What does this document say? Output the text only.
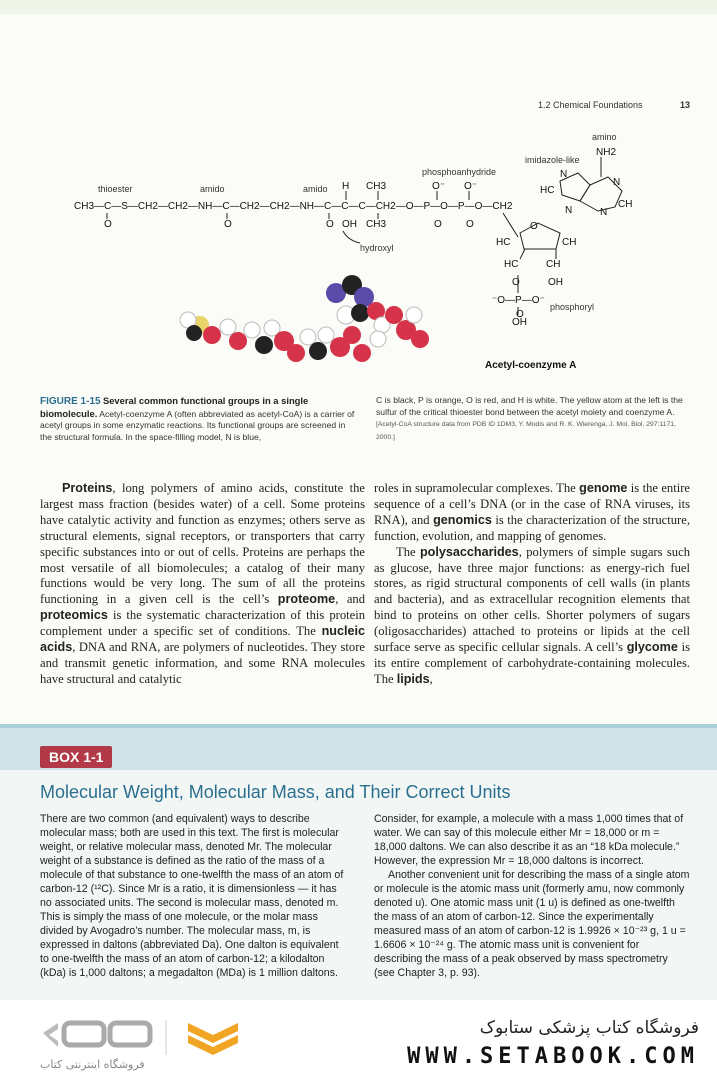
1.2 Chemical Foundations	13
thioester	amido	amido
phosphoanhydride
imidazole-like
amino
hydroxyl
phosphoryl
Acetyl-coenzyme A
CH3—C—S—CH2—CH2—NH—C—CH2—CH2—NH—C—C—C—CH2—O—P—O—P—O—CH2
O	O	O OH
H CH3
CH3
O⁻ O⁻
O O
NH2
N
N
N	N
HC
CH
HC	CH
HC	CH
O
OH
O
⁻O—P—O⁻
O
OH
FIGURE 1-15 Several common functional groups in a single biomolecule. Acetyl-coenzyme A (often abbreviated as acetyl-CoA) is a carrier of acetyl groups in some enzymatic reactions. Its functional groups are screened in the structural formula. In the space-filling model, N is blue,
C is black, P is orange, O is red, and H is white. The yellow atom at the left is the sulfur of the critical thioester bond between the acetyl moiety and coenzyme A. [Acetyl-CoA structure data from PDB ID 1DM3, Y. Modis and R. K. Wierenga, J. Mol. Biol. 297:1171, 2000.]

Proteins, long polymers of amino acids, constitute the largest mass fraction (besides water) of a cell. Some proteins have catalytic activity and function as enzymes; others serve as structural elements, signal receptors, or transporters that carry specific substances into or out of cells. Proteins are perhaps the most versatile of all biomolecules; a catalog of their many functions would be very long. The sum of all the proteins functioning in a given cell is the cell’s proteome, and proteomics is the systematic characterization of this protein complement under a specific set of conditions. The nucleic acids, DNA and RNA, are polymers of nucleotides. They store and transmit genetic information, and some RNA molecules have structural and catalytic

roles in supramolecular complexes. The genome is the entire sequence of a cell’s DNA (or in the case of RNA viruses, its RNA), and genomics is the characterization of the structure, function, evolution, and mapping of genomes.

The polysaccharides, polymers of simple sugars such as glucose, have three major functions: as energy-rich fuel stores, as rigid structural components of cell walls (in plants and bacteria), and as extracellular recognition elements that bind to proteins on other cells. Shorter polymers of sugars (oligosaccharides) attached to proteins or lipids at the cell surface serve as specific cellular signals. A cell’s glycome is its entire complement of carbohydrate-containing molecules. The lipids,

BOX 1-1
Molecular Weight, Molecular Mass, and Their Correct Units

There are two common (and equivalent) ways to describe molecular mass; both are used in this text. The first is molecular weight, or relative molecular mass, denoted Mr. The molecular weight of a substance is defined as the ratio of the mass of a molecule of that substance to one-twelfth the mass of an atom of carbon-12 (¹²C). Since Mr is a ratio, it is dimensionless — it has no associated units. The second is molecular mass, denoted m. This is simply the mass of one molecule, or the molar mass divided by Avogadro’s number. The molecular mass, m, is expressed in daltons (abbreviated Da). One dalton is equivalent to one-twelfth the mass of an atom of carbon-12; a kilodalton (kDa) is 1,000 daltons; a megadalton (MDa) is 1 million daltons.

Consider, for example, a molecule with a mass 1,000 times that of water. We can say of this molecule either Mr = 18,000 or m = 18,000 daltons. We can also describe it as an “18 kDa molecule.” However, the expression Mr = 18,000 daltons is incorrect.

Another convenient unit for describing the mass of a single atom or molecule is the atomic mass unit (formerly amu, now commonly denoted u). One atomic mass unit (1 u) is defined as one-twelfth the mass of an atom of carbon-12. Since the experimentally measured mass of an atom of carbon-12 is 1.9926 × 10⁻²³ g, 1 u = 1.6606 × 10⁻²⁴ g. The atomic mass unit is convenient for describing the mass of a peak observed by mass spectrometry (see Chapter 3, p. 93).

فروشگاه اینترنتی کتاب
فروشگاه کتاب پزشکی ستابوک
WWW.SETABOOK.COM
